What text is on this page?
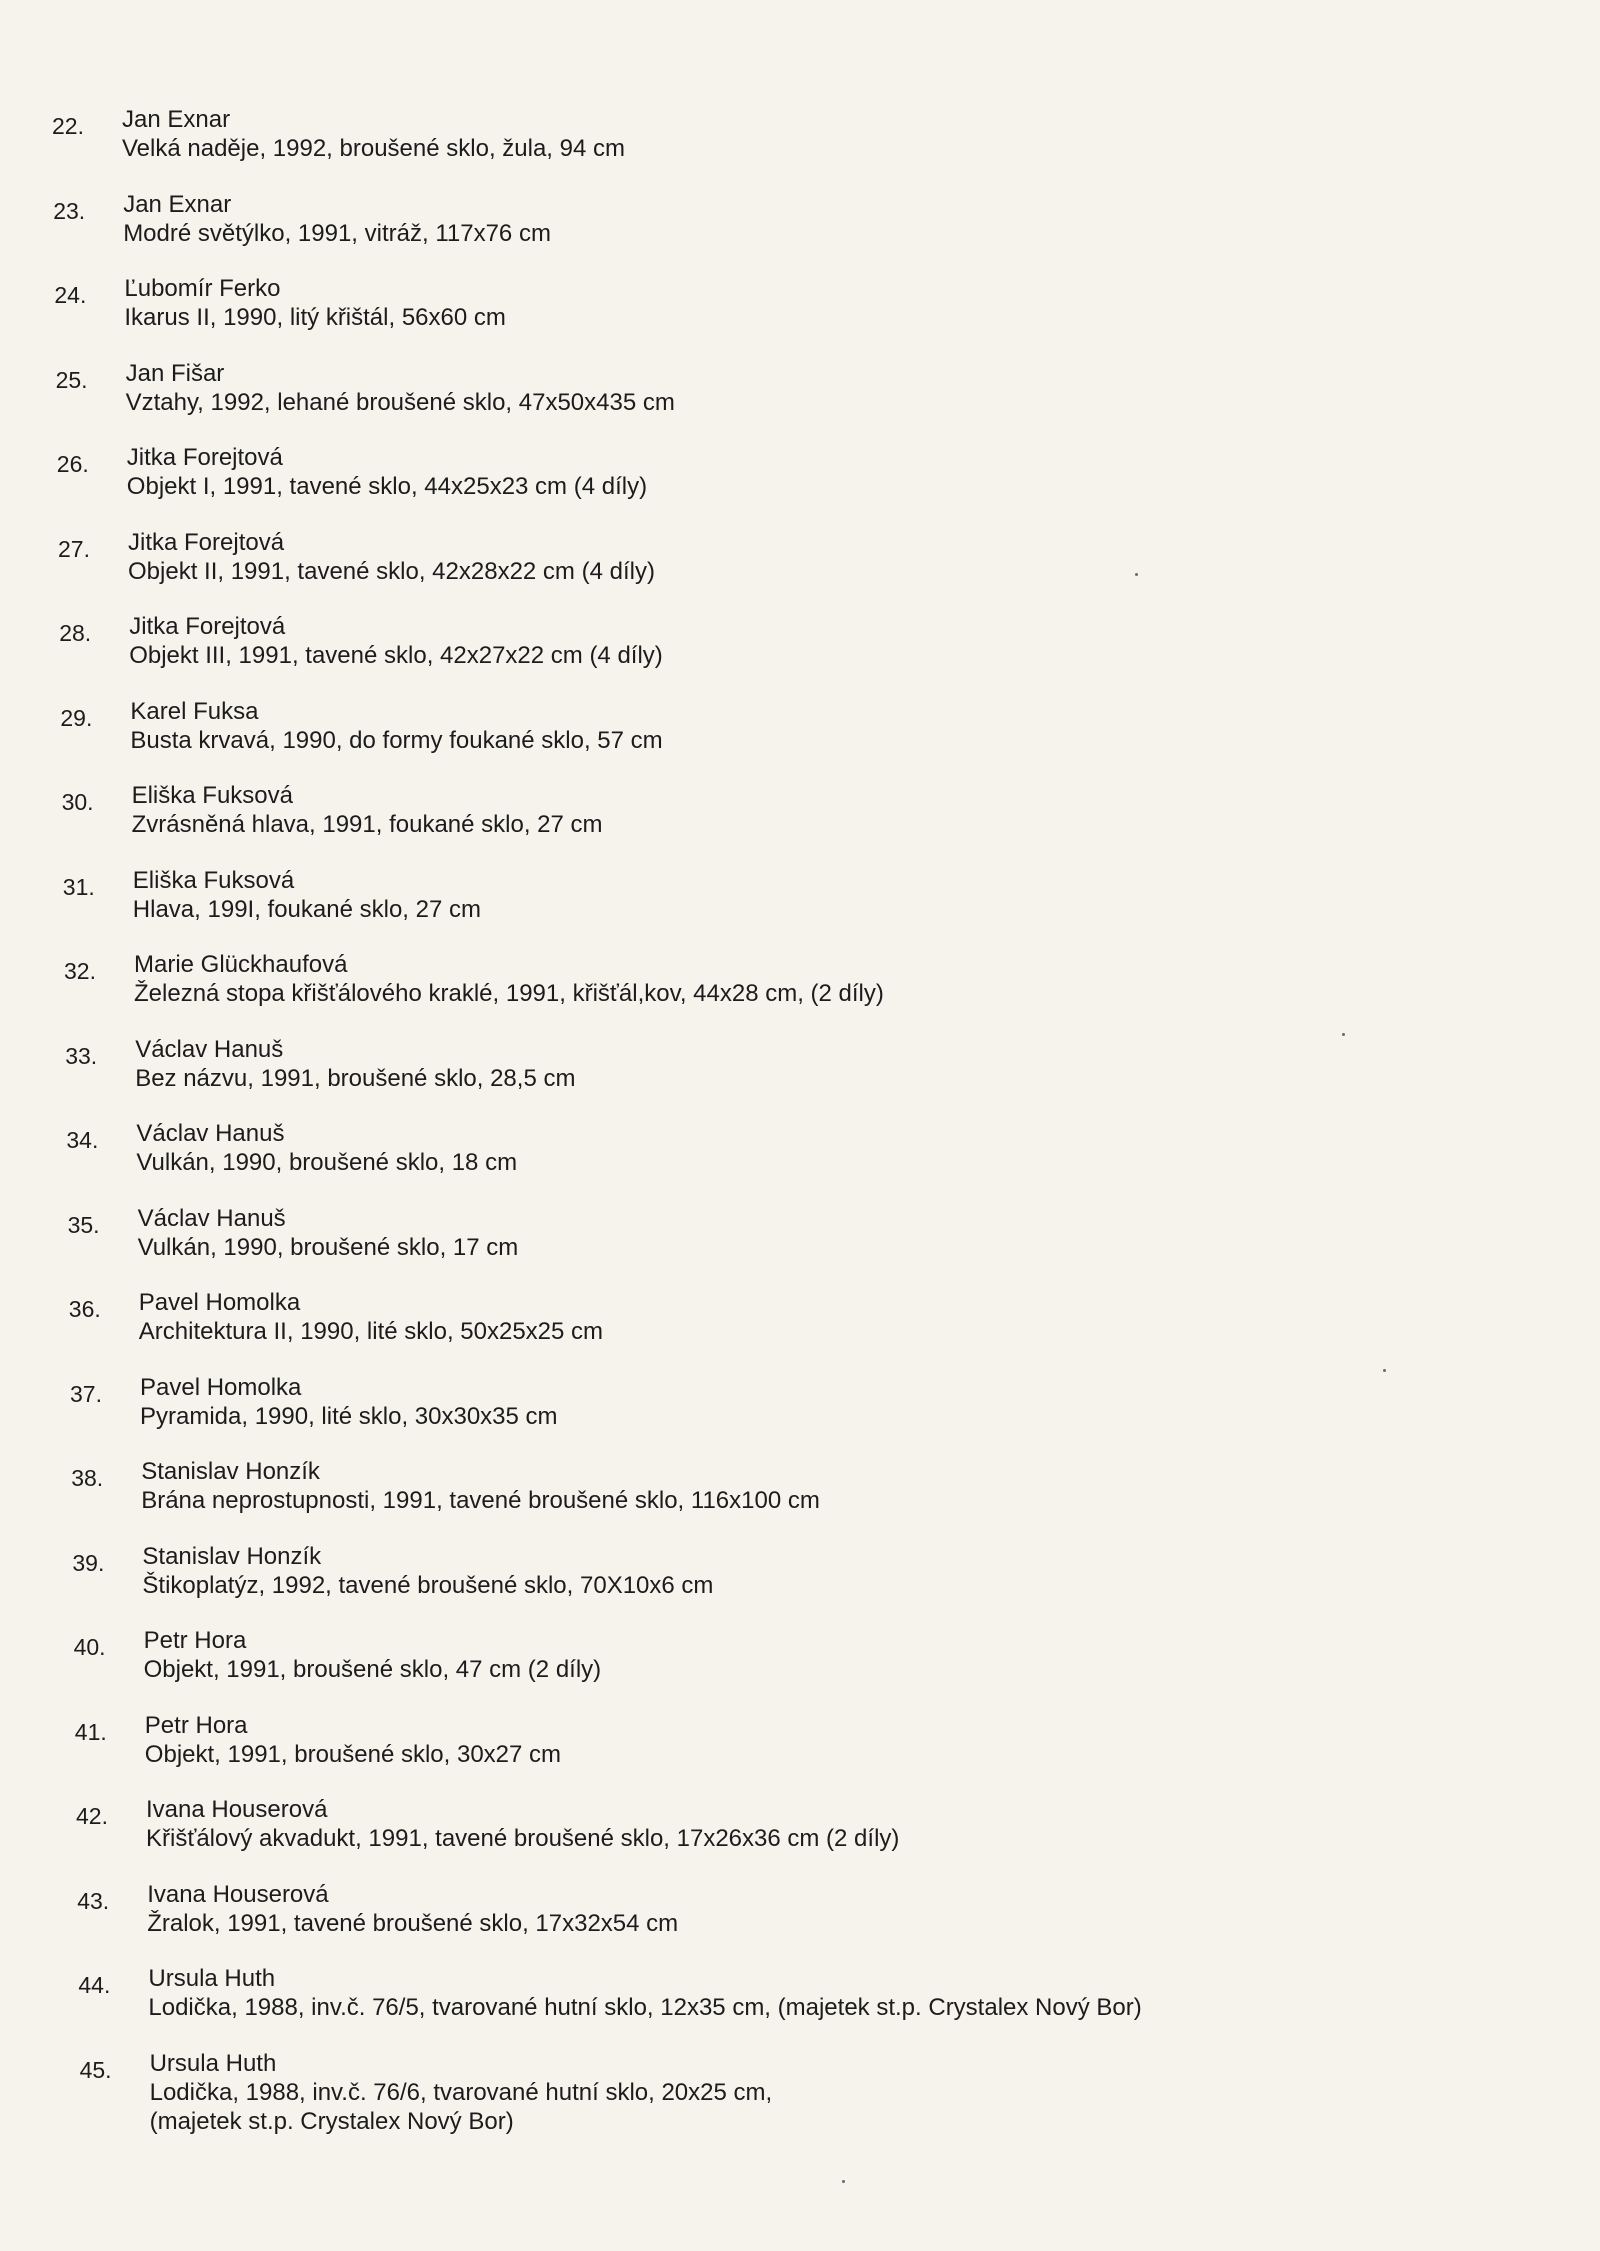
22.	Jan Exnar
Velká naděje, 1992, broušené sklo, žula, 94 cm
23.	Jan Exnar
Modré světýlko, 1991, vitráž, 117x76 cm
24.	Ľubomír Ferko
Ikarus II, 1990, litý křištál, 56x60 cm
25.	Jan Fišar
Vztahy, 1992, lehané broušené sklo, 47x50x435 cm
26.	Jitka Forejtová
Objekt I, 1991, tavené sklo, 44x25x23 cm (4 díly)
27.	Jitka Forejtová
Objekt II, 1991, tavené sklo, 42x28x22 cm (4 díly)
28.	Jitka Forejtová
Objekt III, 1991, tavené sklo, 42x27x22 cm (4 díly)
29.	Karel Fuksa
Busta krvavá, 1990, do formy foukané sklo, 57 cm
30.	Eliška Fuksová
Zvrásněná hlava, 1991, foukané sklo, 27 cm
31.	Eliška Fuksová
Hlava, 199I, foukané sklo, 27 cm
32.	Marie Glückhaufová
Železná stopa křišťálového kraklé, 1991, křišťál,kov, 44x28 cm, (2 díly)
33.	Václav Hanuš
Bez názvu, 1991, broušené sklo, 28,5 cm
34.	Václav Hanuš
Vulkán, 1990, broušené sklo, 18 cm
35.	Václav Hanuš
Vulkán, 1990, broušené sklo, 17 cm
36.	Pavel Homolka
Architektura II, 1990, lité sklo, 50x25x25 cm
37.	Pavel Homolka
Pyramida, 1990, lité sklo, 30x30x35 cm
38.	Stanislav Honzík
Brána neprostupnosti, 1991, tavené broušené sklo, 116x100 cm
39.	Stanislav Honzík
Štikoplatýz, 1992, tavené broušené sklo, 70X10x6 cm
40.	Petr Hora
Objekt, 1991, broušené sklo, 47 cm (2 díly)
41.	Petr Hora
Objekt, 1991, broušené sklo, 30x27 cm
42.	Ivana Houserová
Křišťálový akvadukt, 1991, tavené broušené sklo, 17x26x36 cm (2 díly)
43.	Ivana Houserová
Žralok, 1991, tavené broušené sklo, 17x32x54 cm
44.	Ursula Huth
Lodička, 1988, inv.č. 76/5, tvarované hutní sklo, 12x35 cm, (majetek st.p. Crystalex Nový Bor)
45.	Ursula Huth
Lodička, 1988, inv.č. 76/6, tvarované hutní sklo, 20x25 cm,
(majetek st.p. Crystalex Nový Bor)
